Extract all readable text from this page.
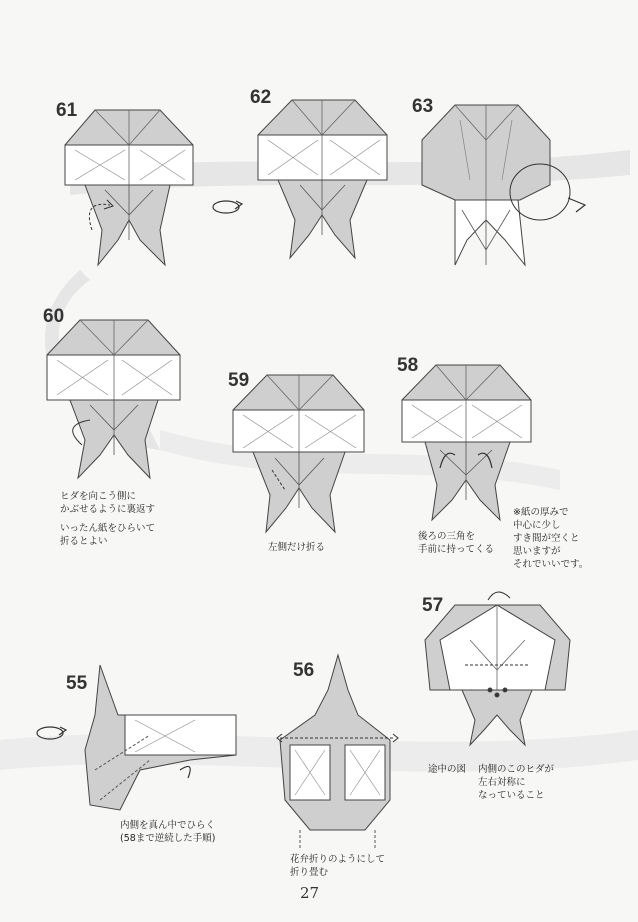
61
62	63
60
59
58
57
55
56
ヒダを向こう側に
かぶせるように裏返す
いったん紙をひらいて
折るとよい
左側だけ折る
後ろの三角を
手前に持ってくる
※紙の厚みで
中心に少し
すき間が空くと
思いますが
それでいいです。
途中の図 内側のこのヒダが
左右対称に
なっていること
内側を真ん中でひらく
(58まで逆続した手順)
花弁折りのようにして
折り畳む
27
